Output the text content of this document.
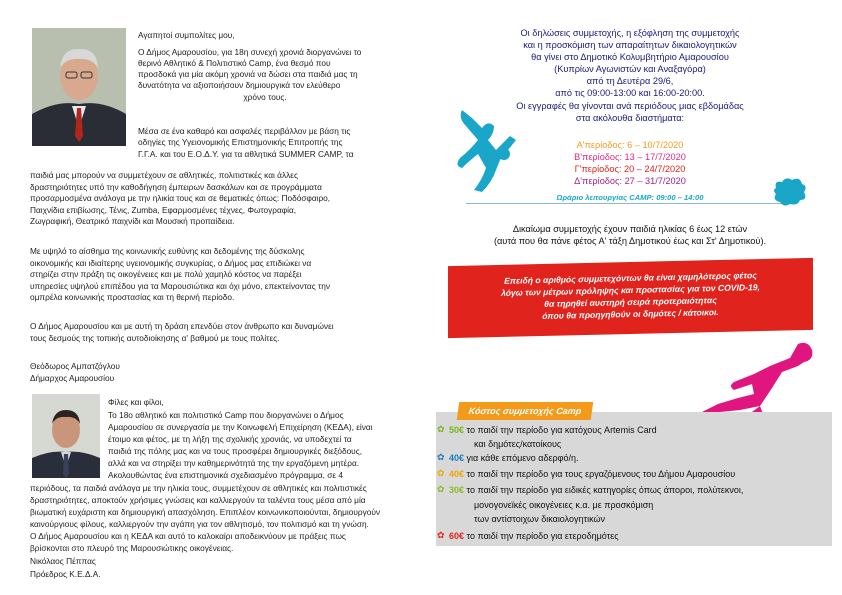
Αγαπητοί συμπολίτες μου,

Ο Δήμος Αμαρουσίου, για 18η συνεχή χρονιά διοργανώνει το

θερινό Αθλητικό & Πολιτιστικό Camp, ένα θεσμό που

προσδοκά για μία ακόμη χρονιά να δώσει στα παιδιά μας τη

δυνατότητα να αξιοποιήσουν δημιουργικά τον ελεύθερο

χρόνο τους.

Μέσα σε ένα καθαρό και ασφαλές περιβάλλον με βάση τις

οδηγίες της Υγειονομικής Επιστημονικής Επιτροπής της

Γ.Γ.Α. και του Ε.Ο.Δ.Υ. για τα αθλητικά SUMMER CAMP, τα

παιδιά μας μπορούν να συμμετέχουν σε αθλητικές, πολιτιστικές και άλλες

δραστηριότητες υπό την καθοδήγηση έμπειρων δασκάλων και σε προγράμματα

προσαρμοσμένα ανάλογα με την ηλικία τους και σε θεματικές όπως: Ποδόσφαιρο,

Παιχνίδια επιβίωσης, Τένις, Zumba, Εφαρμοσμένες τέχνες, Φωτογραφία,

Ζωγραφική, Θεατρικό παιχνίδι και Μουσική προπαίδεια.

Με υψηλό το αίσθημα της κοινωνικής ευθύνης και δεδομένης της δύσκολης

οικονομικής και ιδιαίτερης υγειονομικής συγκυρίας, ο Δήμος μας επιδιώκει να

στηρίζει στην πράξη τις οικογένειες και με πολύ χαμηλό κόστος να παρέξει

υπηρεσίες υψηλού επιπέδου για τα Μαρουσιώτικα και όχι μόνο, επεκτείνοντας την

ομπρέλα κοινωνικής προστασίας και τη θερινή περίοδο.

Ο Δήμος Αμαρουσίου και με αυτή τη δράση επενδύει στον άνθρωπο και δυναμώνει

τους δεσμούς της τοπικής αυτοδιοίκησης α' βαθμού με τους πολίτες.

Θεόδωρος Αμπατζόγλου

Δήμαρχος Αμαρουσίου

Φίλες και φίλοι,

Το 18ο αθλητικό και πολιτιστικό Camp που διοργανώνει ο Δήμος

Αμαρουσίου σε συνεργασία με την Κοινωφελή Επιχείρηση (ΚΕΔΑ), είναι

έτοιμο και φέτος, με τη λήξη της σχολικής χρονιάς, να υποδεχτεί τα

παιδιά της πόλης μας και να τους προσφέρει δημιουργικές διεξόδους,

αλλά και να στηρίξει την καθημερινότητά της την εργαζόμενη μητέρα.

Ακολουθώντας ένα επιστημονικά σχεδιασμένο πρόγραμμα, σε 4

περιόδους, τα παιδιά ανάλογα με την ηλικία τους, συμμετέχουν σε αθλητικές και πολιτιστικές

δραστηριότητες, αποκτούν χρήσιμες γνώσεις και καλλιεργούν τα ταλέντα τους μέσα από μία

βιωματική ευχάριστη και δημιουργική απασχόληση. Επιπλέον κοινωνικοποιούνται, δημιουργούν

καινούργιους φίλους, καλλιεργούν την αγάπη για τον αθλητισμό, τον πολιτισμό και τη γνώση.

Ο Δήμος Αμαρουσίου και η ΚΕΔΑ και αυτό το καλοκαίρι αποδεικνύουν με πράξεις πως

βρίσκονται στο πλευρό της Μαρουσιώτικης οικογένειας.

Νικόλαος Πέππας

Πρόεδρος Κ.Ε.Δ.Α.

Οι δηλώσεις συμμετοχής, η εξόφληση της συμμετοχής
και η προσκόμιση των απαραίτητων δικαιολογητικών
θα γίνει στο Δημοτικό Κολυμβητήριο Αμαρουσίου
(Κυπρίων Αγωνιστών και Αναξαγόρα)
από τη Δευτέρα 29/6,
από τις 09:00-13:00 και 16:00-20:00.
Οι εγγραφές θα γίνονται ανά περιόδους μιας εβδομάδας
στα ακόλουθα διαστήματα:
Α'περίοδος: 6 – 10/7/2020
Β'περίοδος: 13 – 17/7/2020
Γ'περίοδος: 20 – 24/7/2020
Δ'περίοδος: 27 – 31/7/2020
Ωράριο λειτουργίας CAMP: 09:00 – 14:00
Δικαίωμα συμμετοχής έχουν παιδιά ηλικίας 6 έως 12 ετών
(αυτά που θα πάνε φέτος Α' τάξη Δημοτικού έως και Στ' Δημοτικού).
Επειδή ο αριθμός συμμετεχόντων θα είναι χαμηλότερος φέτος
λόγω των μέτρων πρόληψης και προστασίας για τον COVID-19,
θα τηρηθεί αυστηρή σειρά προτεραιότητας
όπου θα προηγηθούν οι δημότες / κάτοικοι.
Κόστος συμμετοχής Camp
✿ 50€ το παιδί την περίοδο για κατόχους Artemis Card
και δημότες/κατοίκους
✿ 40€ για κάθε επόμενο αδερφό/η.
✿ 40€ το παιδί την περίοδο για τους εργαζόμενους του Δήμου Αμαρουσίου
✿ 30€ το παιδί την περίοδο για ειδικές κατηγορίες όπως άποροι, πολύτεκνοι,
μονογονεϊκές οικογένειες κ.α. με προσκόμιση
των αντίστοιχων δικαιολογητικών
✿ 60€ το παιδί την περίοδο για ετεροδημότες
